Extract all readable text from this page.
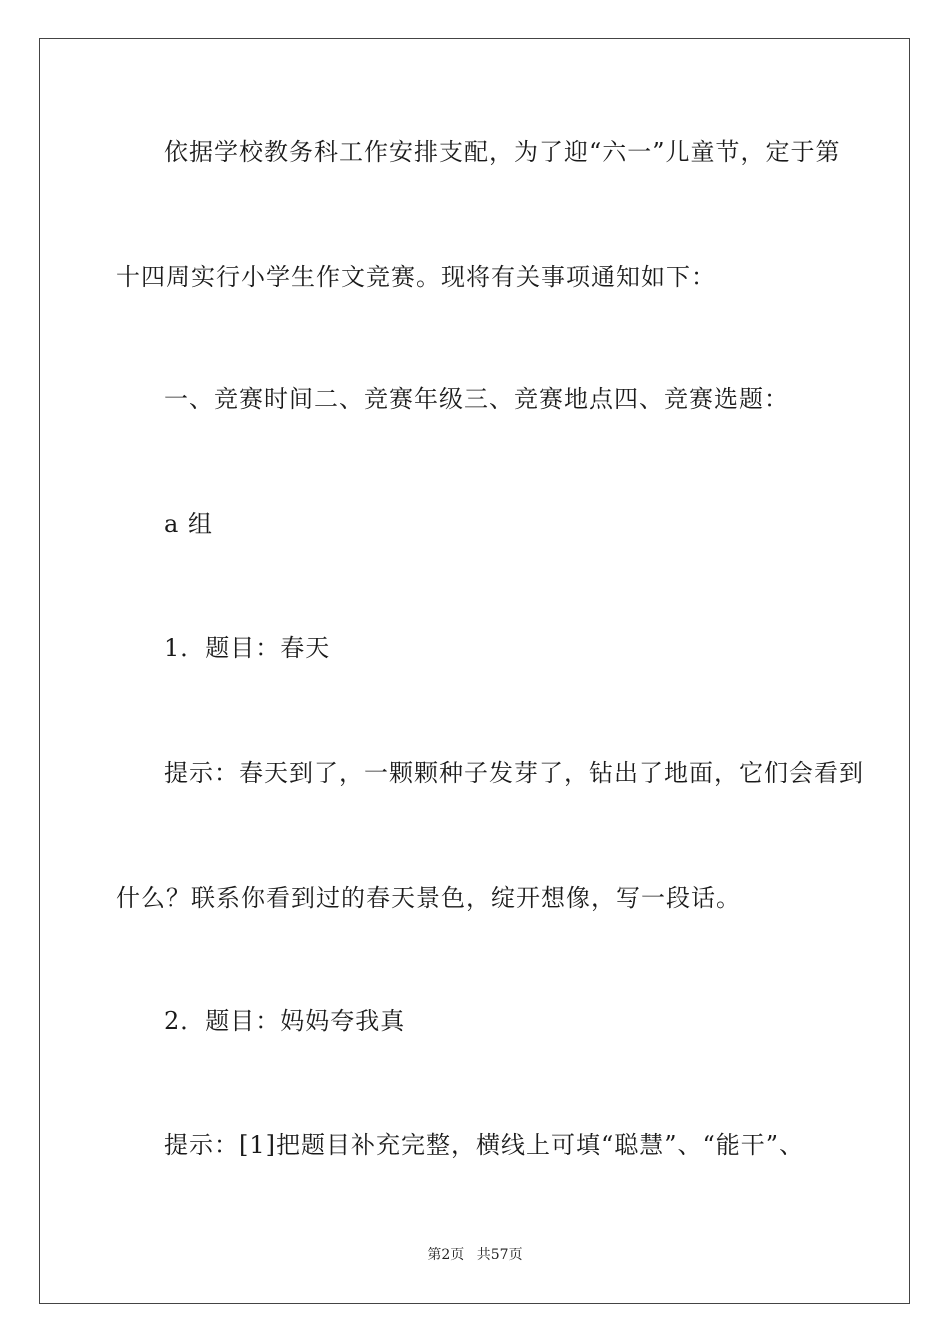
依据学校教务科工作安排支配，为了迎“六一”儿童节，定于第
十四周实行小学生作文竞赛。现将有关事项通知如下：
一、竞赛时间二、竞赛年级三、竞赛地点四、竞赛选题：
a 组
1．题目：春天
提示：春天到了，一颗颗种子发芽了，钻出了地面，它们会看到
什么？联系你看到过的春天景色，绽开想像，写一段话。
2．题目：妈妈夸我真
提示：[1]把题目补充完整，横线上可填“聪慧”、“能干”、
第2页 共57页
